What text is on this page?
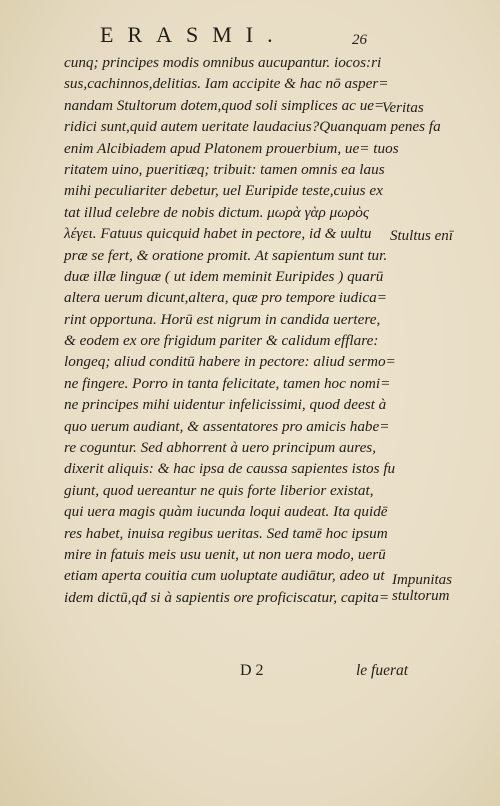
ERASMI.	26
cunq; principes modis omnibus aucupantur. iocos:ri
sus,cachinnos,delitias. Iam accipite & hac nō asper=
nandam Stultorum dotem,quod soli simplices ac ue=
ridici sunt,quid autem ueritate laudacius?Quanquam penes fa
enim Alcibiadem apud Platonem prouerbium, ue= tuos
ritatem uino, pueritiæq; tribuit: tamen omnis ea laus
mihi peculiariter debetur, uel Euripide teste,cuius ex
tat illud celebre de nobis dictum. μωρὰ γὰρ μωρὸς
λέγει. Fatuus quicquid habet in pectore, id & uultu
præ se fert, & oratione promit. At sapientum sunt tur.
duæ illæ linguæ ( ut idem meminit Euripides ) quarū
altera uerum dicunt,altera, quæ pro tempore iudica=
rint opportuna. Horū est nigrum in candida uertere,
& eodem ex ore frigidum pariter & calidum efflare:
longeq; aliud conditū habere in pectore: aliud sermo=
ne fingere. Porro in tanta felicitate, tamen hoc nomi=
ne principes mihi uidentur infelicissimi, quod deest à
quo uerum audiant, & assentatores pro amicis habe=
re coguntur. Sed abhorrent à uero principum aures,
dixerit aliquis: & hac ipsa de caussa sapientes istos fu
giunt, quod uereantur ne quis forte liberior existat,
qui uera magis quàm iucunda loqui audeat. Ita quidē
res habet, inuisa regibus ueritas. Sed tamē hoc ipsum
mire in fatuis meis usu uenit, ut non uera modo, uerū
etiam aperta couitia cum uoluptate audiātur, adeo ut
idem dictū,qđ si à sapientis ore proficiscatur, capita=
Veritas
Stultus enī
Impunitas
stultorum
D 2	le fuerat
